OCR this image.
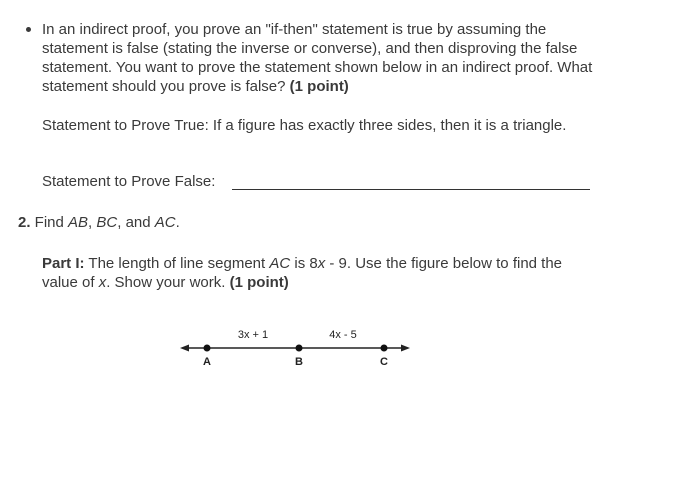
In an indirect proof, you prove an "if-then" statement is true by assuming the statement is false (stating the inverse or converse), and then disproving the false statement. You want to prove the statement shown below in an indirect proof. What statement should you prove is false? (1 point)

Statement to Prove True: If a figure has exactly three sides, then it is a triangle.

Statement to Prove False:

2. Find AB, BC, and AC.

Part I: The length of line segment AC is 8x - 9. Use the figure below to find the value of x. Show your work. (1 point)

3x + 1	4x - 5
A	B	C
